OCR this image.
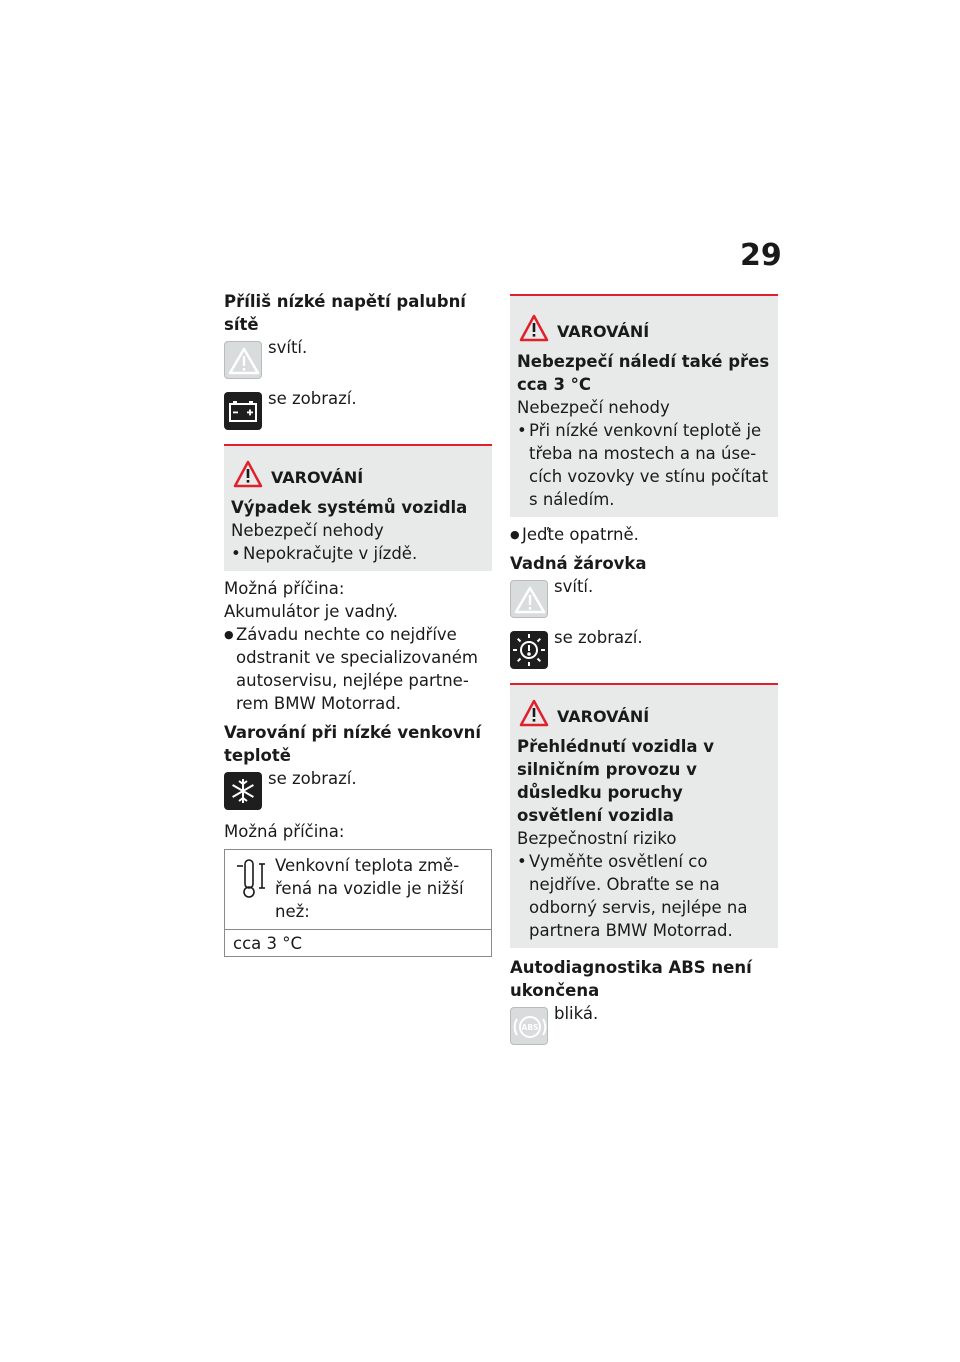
29
Příliš nízké napětí palubní sítě
svítí.
se zobrazí.
VAROVÁNÍ
Výpadek systémů vozidla
Nebezpečí nehody
• Nepokračujte v jízdě.
Možná příčina:
Akumulátor je vadný.
● Závadu nechte co nejdříve odstranit ve specializovaném autoservisu, nejlépe partnerem BMW Motorrad.
Varování při nízké venkovní teplotě
se zobrazí.
Možná příčina:
Venkovní teplota změřená na vozidle je nižší než:
cca 3 °C
VAROVÁNÍ
Nebezpečí náledí také přes cca 3 °C
Nebezpečí nehody
• Při nízké venkovní teplotě je třeba na mostech a na úsecích vozovky ve stínu počítat s náledím.
● Jeďte opatrně.
Vadná žárovka
svítí.
se zobrazí.
VAROVÁNÍ
Přehlédnutí vozidla v silničním provozu v důsledku poruchy osvětlení vozidla
Bezpečnostní riziko
• Vyměňte osvětlení co nejdříve. Obraťte se na odborný servis, nejlépe na partnera BMW Motorrad.
Autodiagnostika ABS není ukončena
ABS
bliká.
